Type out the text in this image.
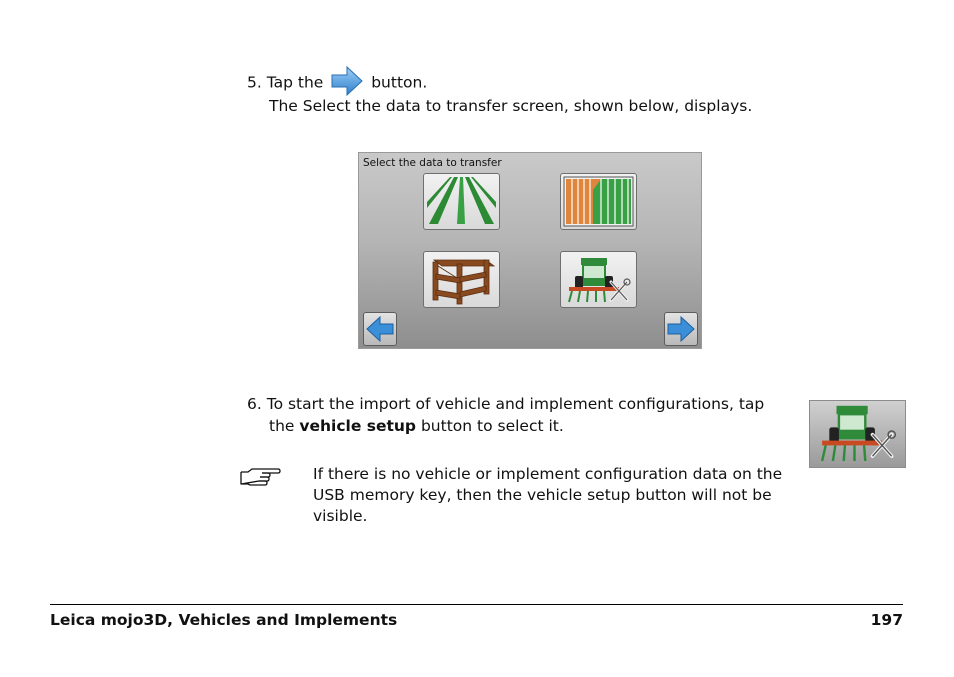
5. Tap the	button.
The Select the data to transfer screen, shown below, displays.
Select the data to transfer
6. To start the import of vehicle and implement configurations, tap
the vehicle setup button to select it.
If there is no vehicle or implement configuration data on the
USB memory key, then the vehicle setup button will not be
visible.
Leica mojo3D, Vehicles and Implements	197
